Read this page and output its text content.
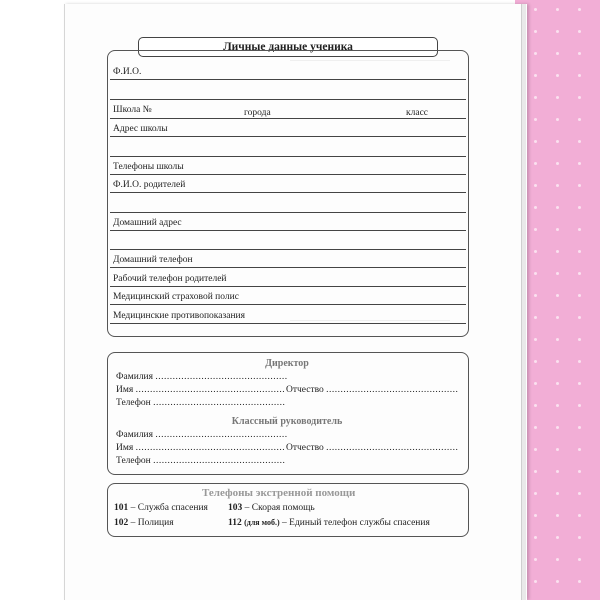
Личные данные ученика
Ф.И.О.
Школа №	города	класс
Адрес школы
Телефоны школы
Ф.И.О. родителей
Домашний адрес
Домашний телефон
Рабочий телефон родителей
Медицинский страховой полис
Медицинские противопоказания
Директор
Фамилия ..............................................
Имя .................................................... Отчество ..............................................
Телефон ..............................................
Классный руководитель
Фамилия ..............................................
Имя .................................................... Отчество ..............................................
Телефон ..............................................
Телефоны экстренной помощи
101 – Служба спасения 103 – Скорая помощь
102 – Полиция	112 (для моб.) – Единый телефон службы спасения
